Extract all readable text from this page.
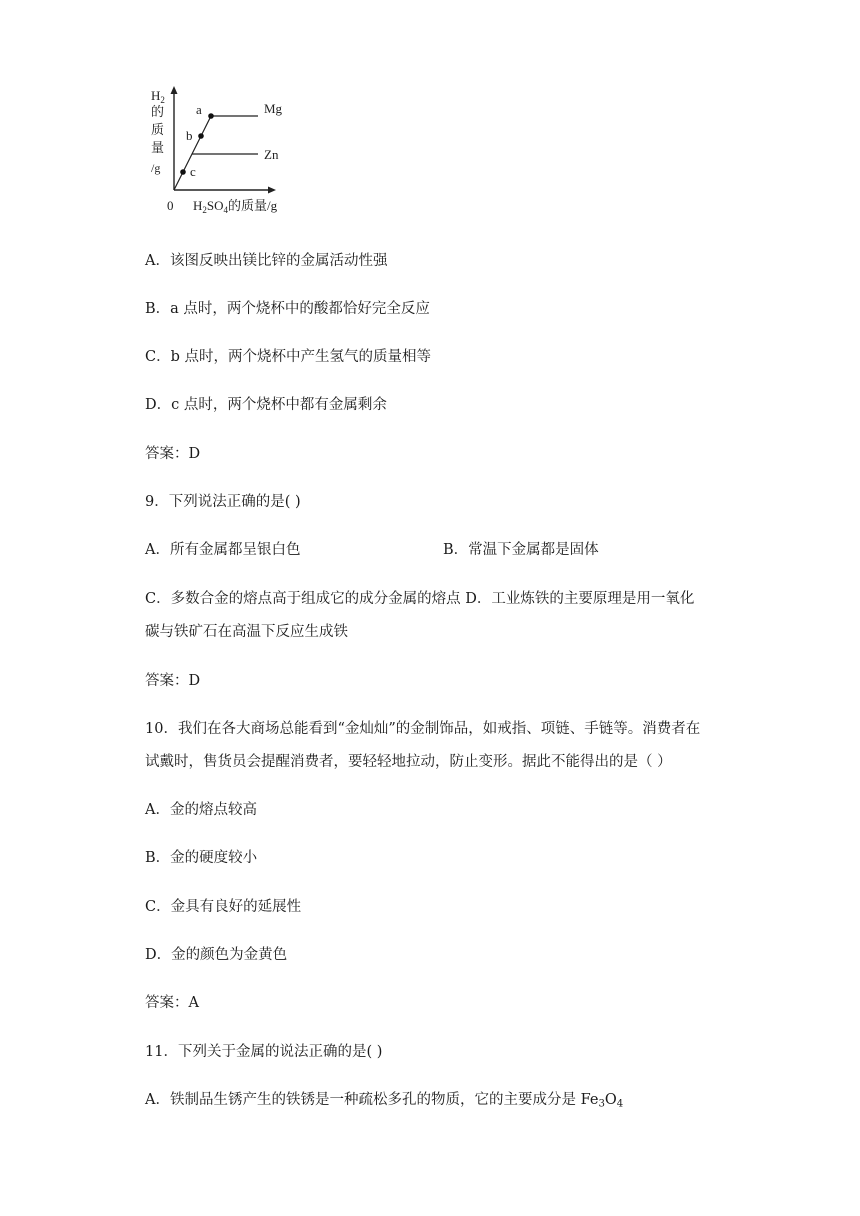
$H_2$
的
质
量
/g
a
b
c
Mg
Zn
0 $H_2SO_4$的质量/g
A．该图反映出镁比锌的金属活动性强
B．a 点时，两个烧杯中的酸都恰好完全反应
C．b 点时，两个烧杯中产生氢气的质量相等
D．c 点时，两个烧杯中都有金属剩余
答案：D
9．下列说法正确的是( )
A．所有金属都呈银白色	B．常温下金属都是固体
C．多数合金的熔点高于组成它的成分金属的熔点 D．工业炼铁的主要原理是用一氧化
碳与铁矿石在高温下反应生成铁
答案：D
10．我们在各大商场总能看到“金灿灿”的金制饰品，如戒指、项链、手链等。消费者在
试戴时，售货员会提醒消费者，要轻轻地拉动，防止变形。据此不能得出的是（ ）
A．金的熔点较高
B．金的硬度较小
C．金具有良好的延展性
D．金的颜色为金黄色
答案：A
11．下列关于金属的说法正确的是( )
A．铁制品生锈产生的铁锈是一种疏松多孔的物质，它的主要成分是 $Fe_3O_4$
